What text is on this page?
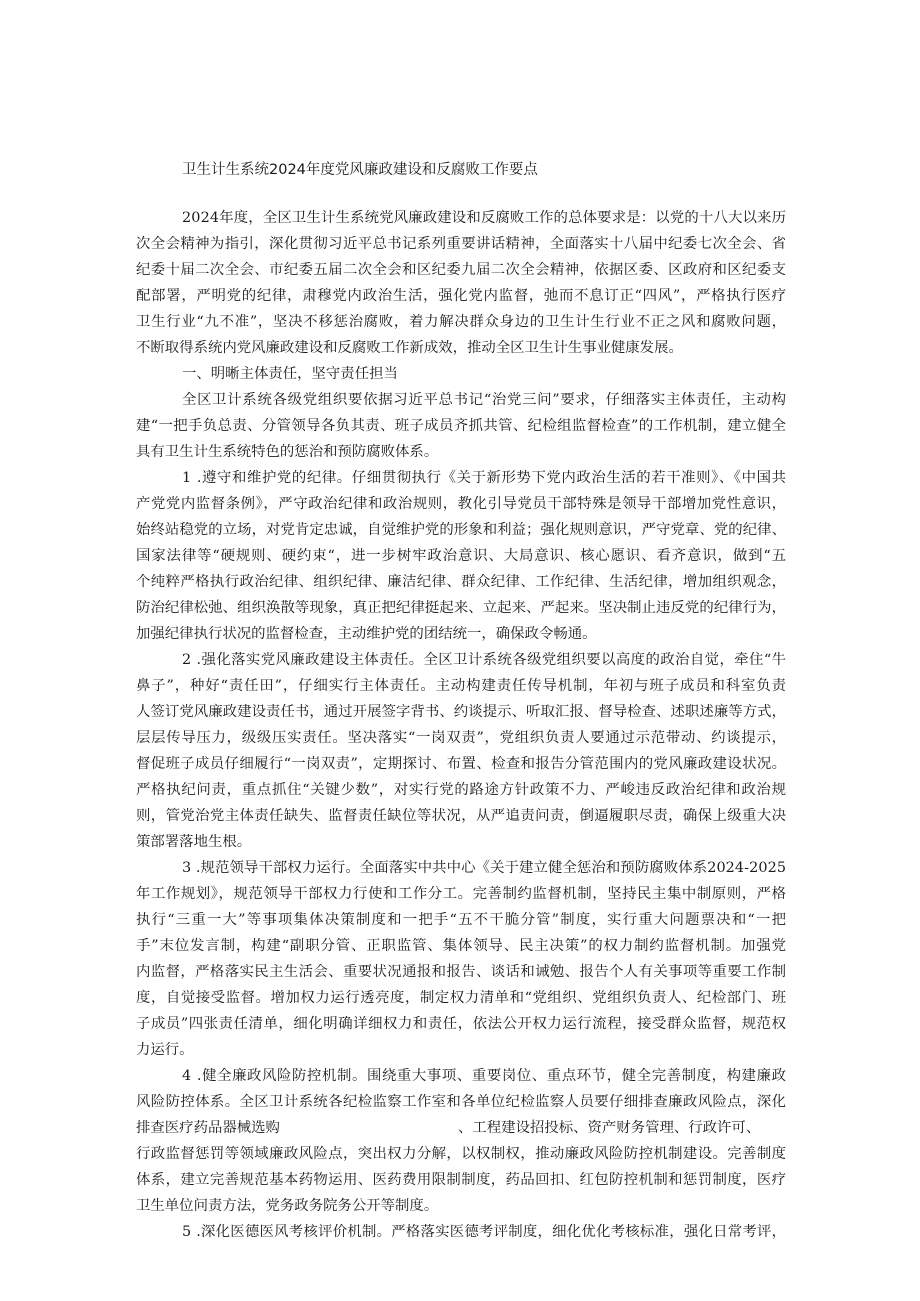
卫生计生系统2024年度党风廉政建设和反腐败工作要点
2024年度，全区卫生计生系统党风廉政建设和反腐败工作的总体要求是：以党的十八大以来历
次全会精神为指引，深化贯彻习近平总书记系列重要讲话精神，全面落实十八届中纪委七次全会、省
纪委十届二次全会、市纪委五届二次全会和区纪委九届二次全会精神，依据区委、区政府和区纪委支
配部署，严明党的纪律，肃穆党内政治生活，强化党内监督，弛而不息订正“四风”，严格执行医疗
卫生行业“九不准”，坚决不移惩治腐败，着力解决群众身边的卫生计生行业不正之风和腐败问题，
不断取得系统内党风廉政建设和反腐败工作新成效，推动全区卫生计生事业健康发展。
一、明晰主体责任，坚守责任担当
全区卫计系统各级党组织要依据习近平总书记“治党三问”要求，仔细落实主体责任，主动构
建“一把手负总责、分管领导各负其责、班子成员齐抓共管、纪检组监督检查”的工作机制，建立健全
具有卫生计生系统特色的惩治和预防腐败体系。
1 .遵守和维护党的纪律。仔细贯彻执行《关于新形势下党内政治生活的若干准则》、《中国共
产党党内监督条例》，严守政治纪律和政治规则，教化引导党员干部特殊是领导干部增加党性意识，
始终站稳党的立场，对党肯定忠诚，自觉维护党的形象和利益；强化规则意识，严守党章、党的纪律、
国家法律等“硬规则、硬约束“，进一步树牢政治意识、大局意识、核心愿识、看齐意识，做到“五
个纯粹严格执行政治纪律、组织纪律、廉洁纪律、群众纪律、工作纪律、生活纪律，增加组织观念，
防治纪律松弛、组织涣散等现象，真正把纪律挺起来、立起来、严起来。坚决制止违反党的纪律行为，
加强纪律执行状况的监督检查，主动维护党的团结统一，确保政令畅通。
2 .强化落实党风廉政建设主体责任。全区卫计系统各级党组织要以高度的政治自觉，牵住“牛
鼻子”，种好“责任田”，仔细实行主体责任。主动构建责任传导机制，年初与班子成员和科室负责
人签订党风廉政建设责任书，通过开展签字背书、约谈提示、听取汇报、督导检查、述职述廉等方式，
层层传导压力，级级压实责任。坚决落实“一岗双责”，党组织负责人要通过示范带动、约谈提示，
督促班子成员仔细履行“一岗双责”，定期探讨、布置、检查和报告分管范围内的党风廉政建设状况。
严格执纪问责，重点抓住“关键少数”，对实行党的路途方针政策不力、严峻违反政治纪律和政治规
则，管党治党主体责任缺失、监督责任缺位等状况，从严追责问责，倒逼履职尽责，确保上级重大决
策部署落地生根。
3 .规范领导干部权力运行。全面落实中共中心《关于建立健全惩治和预防腐败体系2024-2025
年工作规划》，规范领导干部权力行使和工作分工。完善制约监督机制，坚持民主集中制原则，严格
执行“三重一大”等事项集体决策制度和一把手“五不干脆分管”制度，实行重大问题票决和“一把
手”末位发言制，构建“副职分管、正职监管、集体领导、民主决策”的权力制约监督机制。加强党
内监督，严格落实民主生活会、重要状况通报和报告、谈话和诫勉、报告个人有关事项等重要工作制
度，自觉接受监督。增加权力运行透亮度，制定权力清单和“党组织、党组织负责人、纪检部门、班
子成员”四张责任清单，细化明确详细权力和责任，依法公开权力运行流程，接受群众监督，规范权
力运行。
4 .健全廉政风险防控机制。围绕重大事项、重要岗位、重点环节，健全完善制度，构建廉政
风险防控体系。全区卫计系统各纪检监察工作室和各单位纪检监察人员要仔细排查廉政风险点，深化
排查医疗药品器械选购	、工程建设招投标、资产财务管理、行政许可、
行政监督惩罚等领域廉政风险点，突出权力分解，以权制权，推动廉政风险防控机制建设。完善制度
体系，建立完善规范基本药物运用、医药费用限制制度，药品回扣、红包防控机制和惩罚制度，医疗
卫生单位问责方法，党务政务院务公开等制度。
5 .深化医德医风考核评价机制。严格落实医德考评制度，细化优化考核标准，强化日常考评，
